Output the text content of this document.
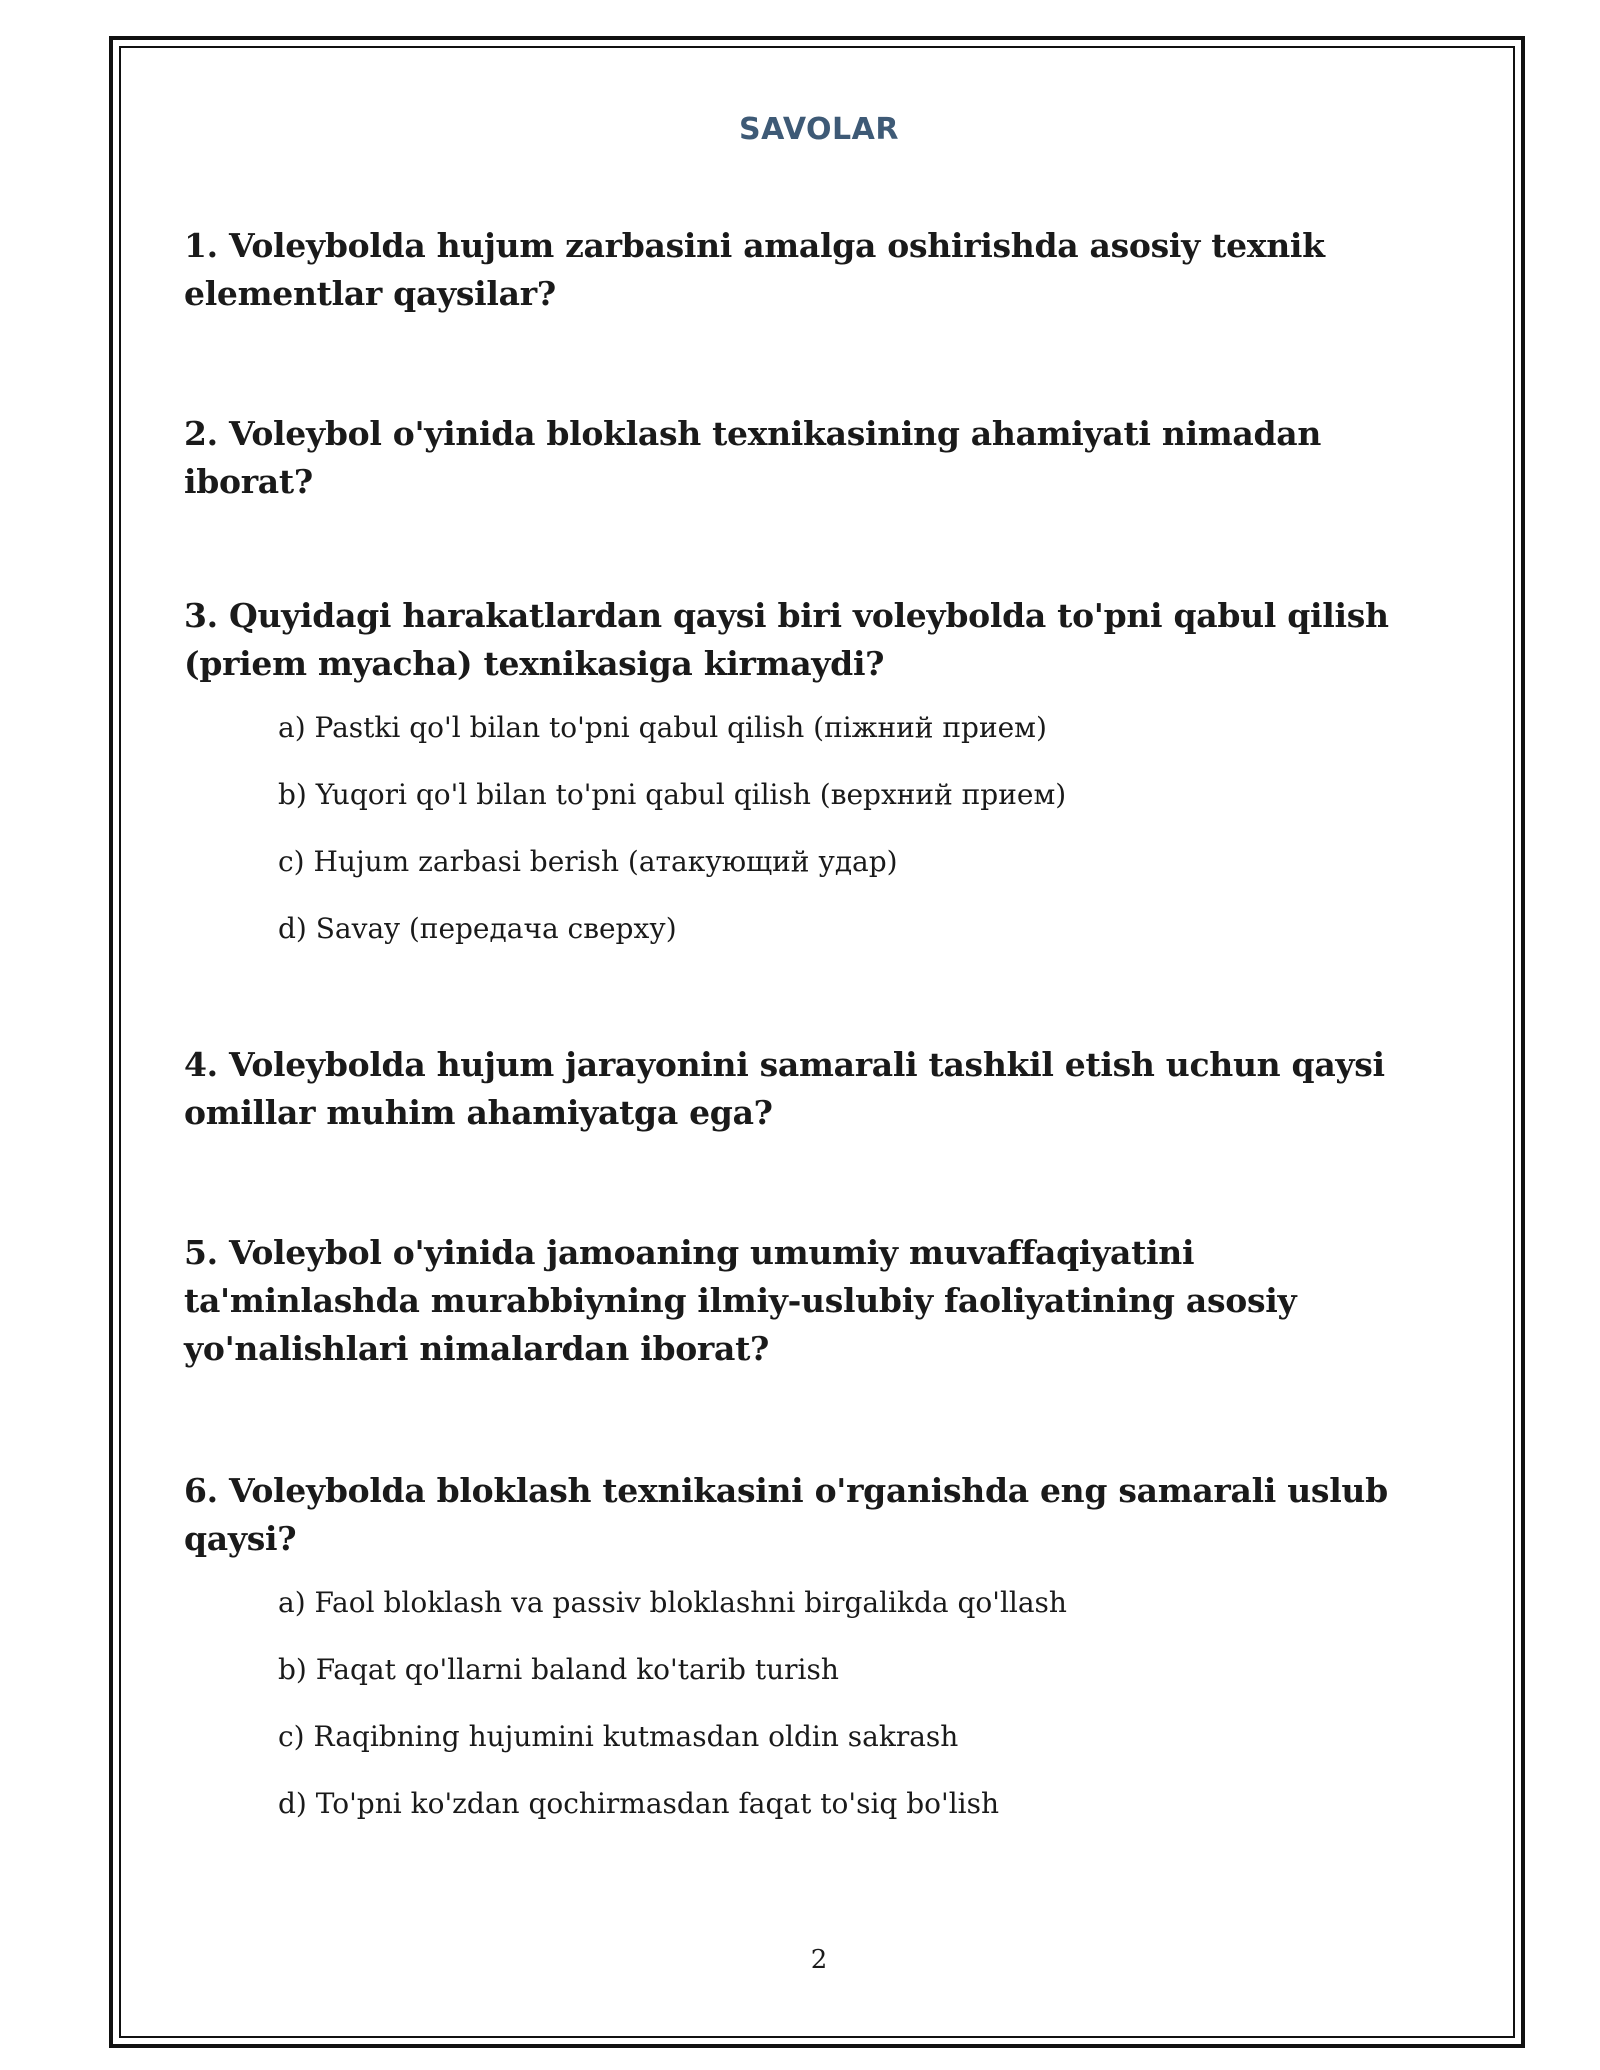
SAVOLAR

1. Voleybolda hujum zarbasini amalga oshirishda asosiy texnik elementlar qaysilar?

2. Voleybol o'yinida bloklash texnikasining ahamiyati nimadan iborat?

3. Quyidagi harakatlardan qaysi biri voleybolda to'pni qabul qilish (priem myacha) texnikasiga kirmaydi?

a) Pastki qo'l bilan to'pni qabul qilish (піжний прием)
b) Yuqori qo'l bilan to'pni qabul qilish (верхний прием)
c) Hujum zarbasi berish (атакующий удар)
d) Savay (передача сверху)

4. Voleybolda hujum jarayonini samarali tashkil etish uchun qaysi omillar muhim ahamiyatga ega?

5. Voleybol o'yinida jamoaning umumiy muvaffaqiyatini ta'minlashda murabbiyning ilmiy-uslubiy faoliyatining asosiy yo'nalishlari nimalardan iborat?

6. Voleybolda bloklash texnikasini o'rganishda eng samarali uslub qaysi?

a) Faol bloklash va passiv bloklashni birgalikda qo'llash
b) Faqat qo'llarni baland ko'tarib turish
c) Raqibning hujumini kutmasdan oldin sakrash
d) To'pni ko'zdan qochirmasdan faqat to'siq bo'lish
2
